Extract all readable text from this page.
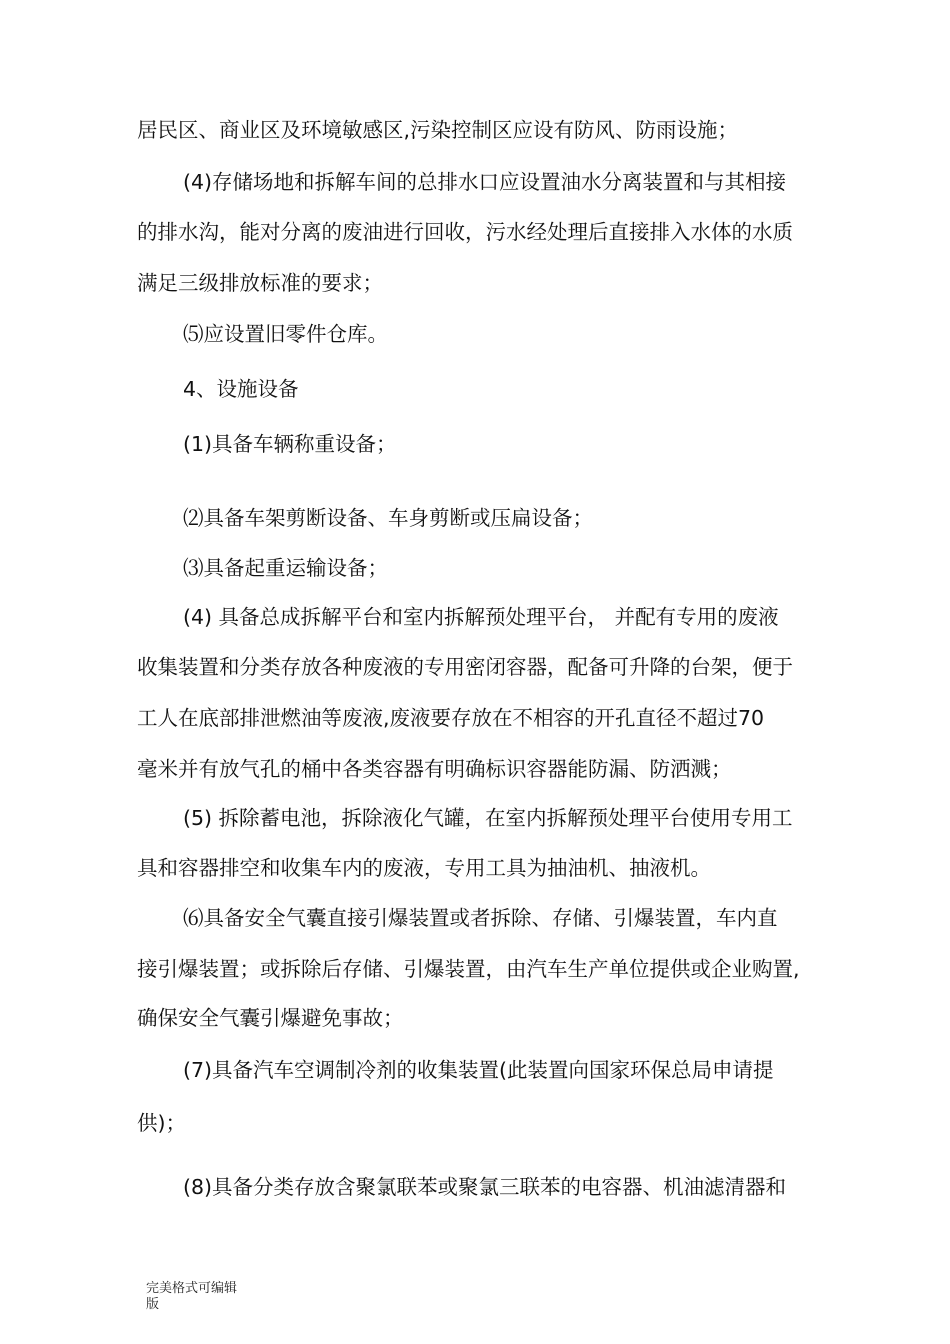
居民区、商业区及环境敏感区,污染控制区应设有防风、防雨设施；
(4)存储场地和拆解车间的总排水口应设置油水分离装置和与其相接
的排水沟，能对分离的废油进行回收，污水经处理后直接排入水体的水质
满足三级排放标准的要求；
⑸应设置旧零件仓库。
4、设施设备
(1)具备车辆称重设备；
⑵具备车架剪断设备、车身剪断或压扁设备；
⑶具备起重运输设备；
(4) 具备总成拆解平台和室内拆解预处理平台， 并配有专用的废液
收集装置和分类存放各种废液的专用密闭容器，配备可升降的台架，便于
工人在底部排泄燃油等废液,废液要存放在不相容的开孔直径不超过70
毫米并有放气孔的桶中各类容器有明确标识容器能防漏、防洒溅；
(5) 拆除蓄电池，拆除液化气罐，在室内拆解预处理平台使用专用工
具和容器排空和收集车内的废液，专用工具为抽油机、抽液机。
⑹具备安全气囊直接引爆装置或者拆除、存储、引爆装置，车内直
接引爆装置；或拆除后存储、引爆装置，由汽车生产单位提供或企业购置,
确保安全气囊引爆避免事故；
(7)具备汽车空调制冷剂的收集装置(此装置向国家环保总局申请提
供)；
(8)具备分类存放含聚氯联苯或聚氯三联苯的电容器、机油滤清器和
完美格式可编辑
版
